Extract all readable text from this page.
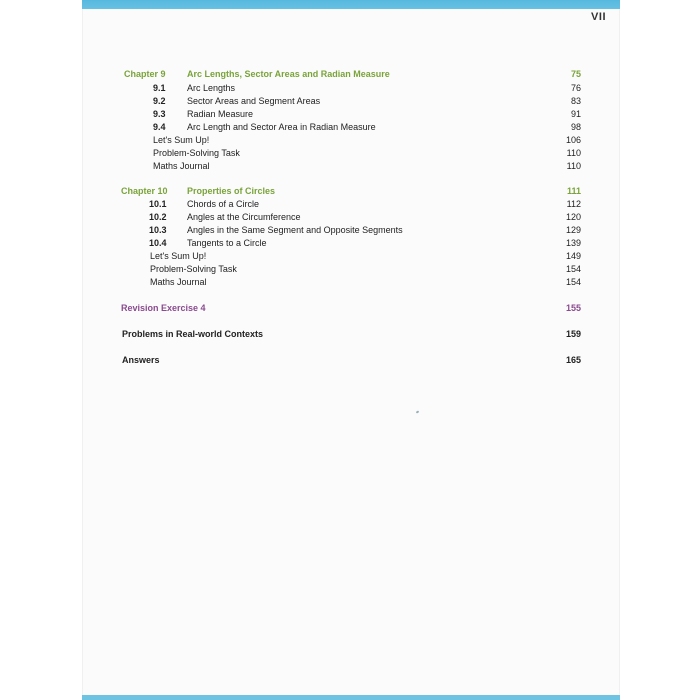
VII
Chapter 9 Arc Lengths, Sector Areas and Radian Measure	75
9.1 Arc Lengths	76
9.2 Sector Areas and Segment Areas	83
9.3 Radian Measure	91
9.4 Arc Length and Sector Area in Radian Measure	98
Let's Sum Up!	106
Problem-Solving Task	110
Maths Journal	110
Chapter 10 Properties of Circles	111
10.1 Chords of a Circle	112
10.2 Angles at the Circumference	120
10.3 Angles in the Same Segment and Opposite Segments	129
10.4 Tangents to a Circle	139
Let's Sum Up!	149
Problem-Solving Task	154
Maths Journal	154
Revision Exercise 4	155
Problems in Real-world Contexts	159
Answers	165
